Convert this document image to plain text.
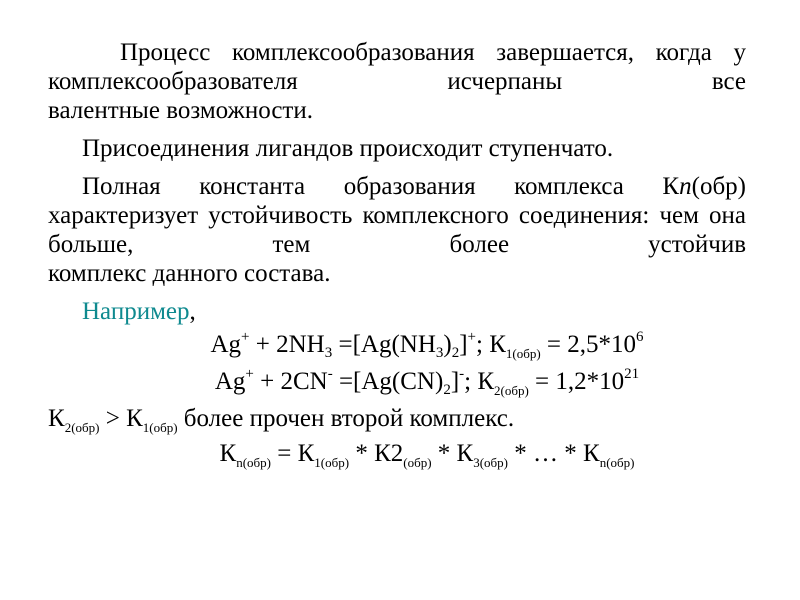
Процесс комплексообразования завершается, когда у комплексообразователя исчерпаны все

валентные возможности.

Присоединения лигандов происходит ступенчато.

Полная константа образования комплекса Кn(обр) характеризует устойчивость комплексного соединения: чем она больше, тем более устойчив

комплекс данного состава.

Например,

$Ag^+ + 2NH_3 =[Ag(NH_3)_2]^+$; $К_{1(обр)} = 2,5*10^6$

$Ag^+ + 2CN^- =[Ag(CN)_2]^-$; $К_{2(обр)} = 1,2*10^{21}$

$К_{2(обр)} > К_{1(обр)}$ более прочен второй комплекс.

$К_{n(обр)} = К_{1(обр)} * К2_{(обр)} * К_{3(обр)}$ * … * $К_{n(обр)}$
